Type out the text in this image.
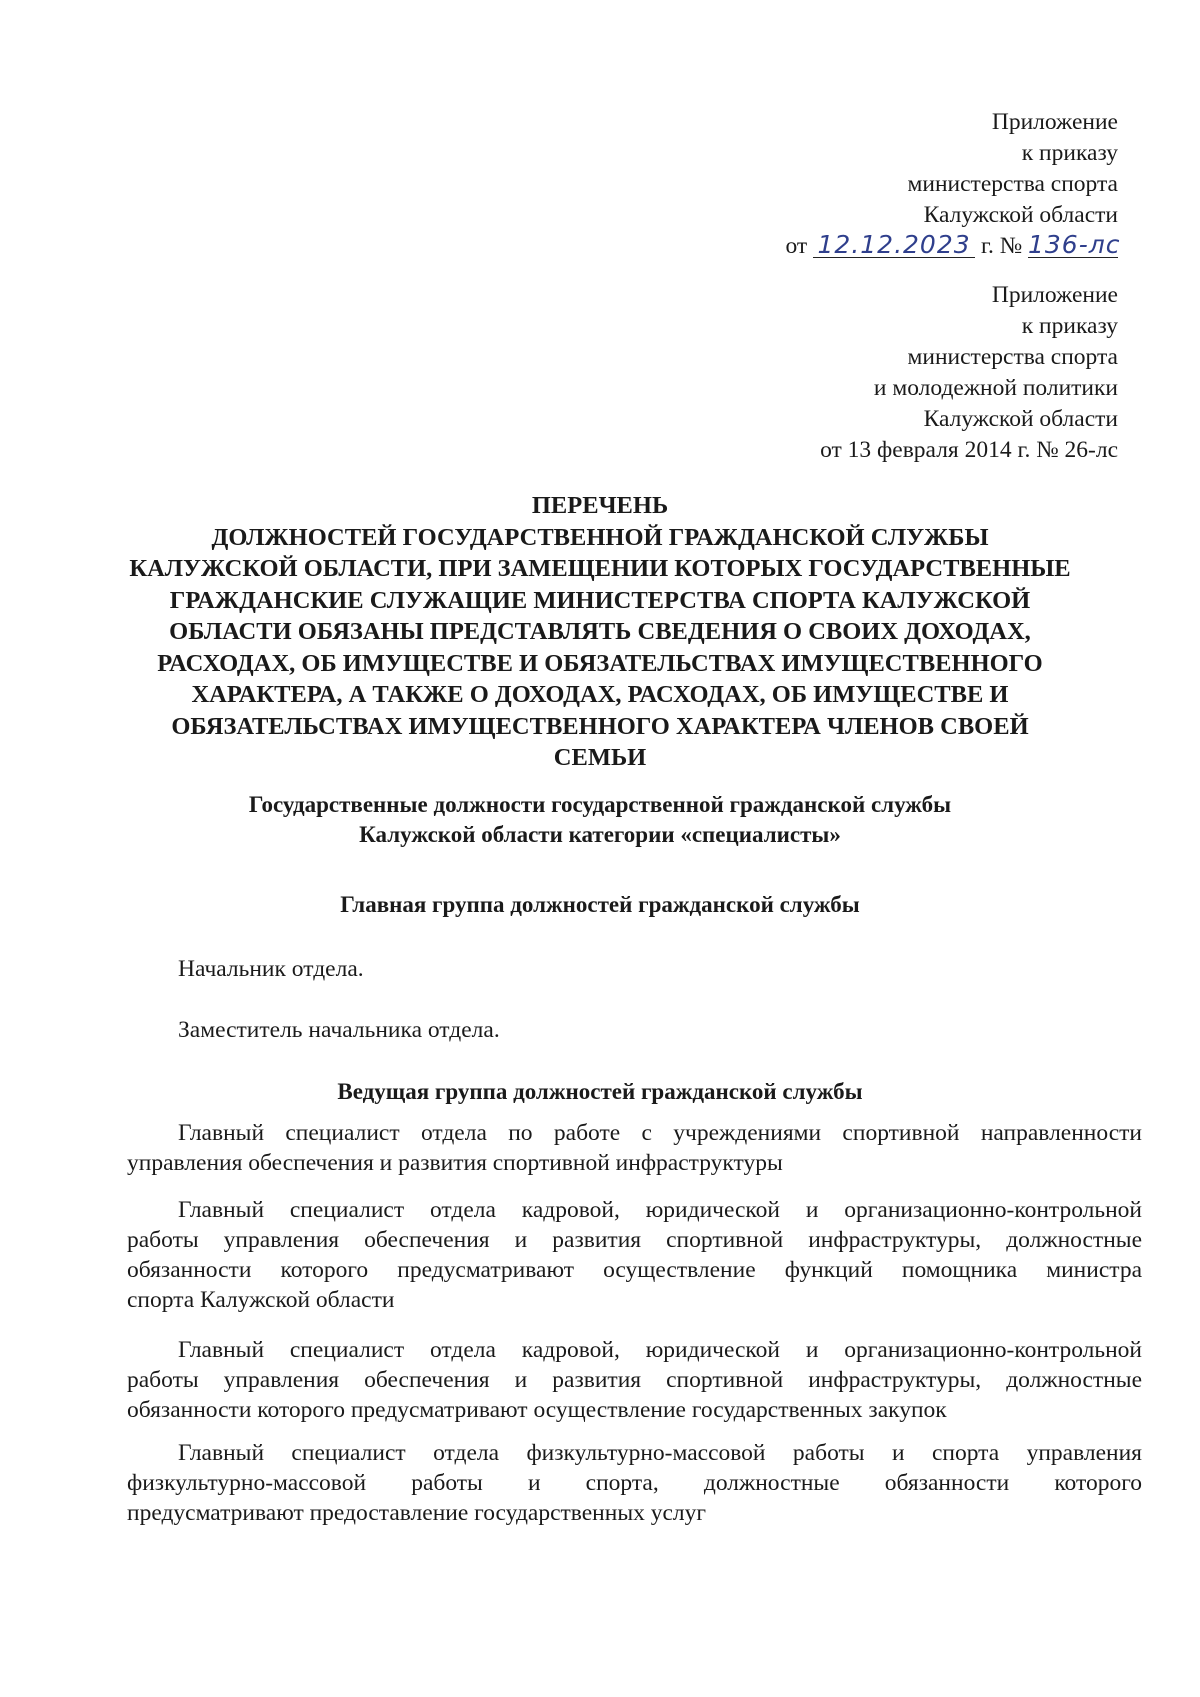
Приложение
к приказу
министерства спорта
Калужской области
от 12.12.2023 г. № 136-лс
Приложение
к приказу
министерства спорта
и молодежной политики
Калужской области
от 13 февраля 2014 г. № 26-лс
ПЕРЕЧЕНЬ
ДОЛЖНОСТЕЙ ГОСУДАРСТВЕННОЙ ГРАЖДАНСКОЙ СЛУЖБЫ
КАЛУЖСКОЙ ОБЛАСТИ, ПРИ ЗАМЕЩЕНИИ КОТОРЫХ ГОСУДАРСТВЕННЫЕ
ГРАЖДАНСКИЕ СЛУЖАЩИЕ МИНИСТЕРСТВА СПОРТА КАЛУЖСКОЙ
ОБЛАСТИ ОБЯЗАНЫ ПРЕДСТАВЛЯТЬ СВЕДЕНИЯ О СВОИХ ДОХОДАХ,
РАСХОДАХ, ОБ ИМУЩЕСТВЕ И ОБЯЗАТЕЛЬСТВАХ ИМУЩЕСТВЕННОГО
ХАРАКТЕРА, А ТАКЖЕ О ДОХОДАХ, РАСХОДАХ, ОБ ИМУЩЕСТВЕ И
ОБЯЗАТЕЛЬСТВАХ ИМУЩЕСТВЕННОГО ХАРАКТЕРА ЧЛЕНОВ СВОЕЙ
СЕМЬИ
Государственные должности государственной гражданской службы
Калужской области категории «специалисты»
Главная группа должностей гражданской службы
Начальник отдела.
Заместитель начальника отдела.
Ведущая группа должностей гражданской службы
Главный специалист отдела по работе с учреждениями спортивной направленности
управления обеспечения и развития спортивной инфраструктуры
Главный специалист отдела кадровой, юридической и организационно-контрольной
работы управления обеспечения и развития спортивной инфраструктуры, должностные
обязанности которого предусматривают осуществление функций помощника министра
спорта Калужской области
Главный специалист отдела кадровой, юридической и организационно-контрольной
работы управления обеспечения и развития спортивной инфраструктуры, должностные
обязанности которого предусматривают осуществление государственных закупок
Главный специалист отдела физкультурно-массовой работы и спорта управления
физкультурно-массовой работы и спорта, должностные обязанности которого
предусматривают предоставление государственных услуг
